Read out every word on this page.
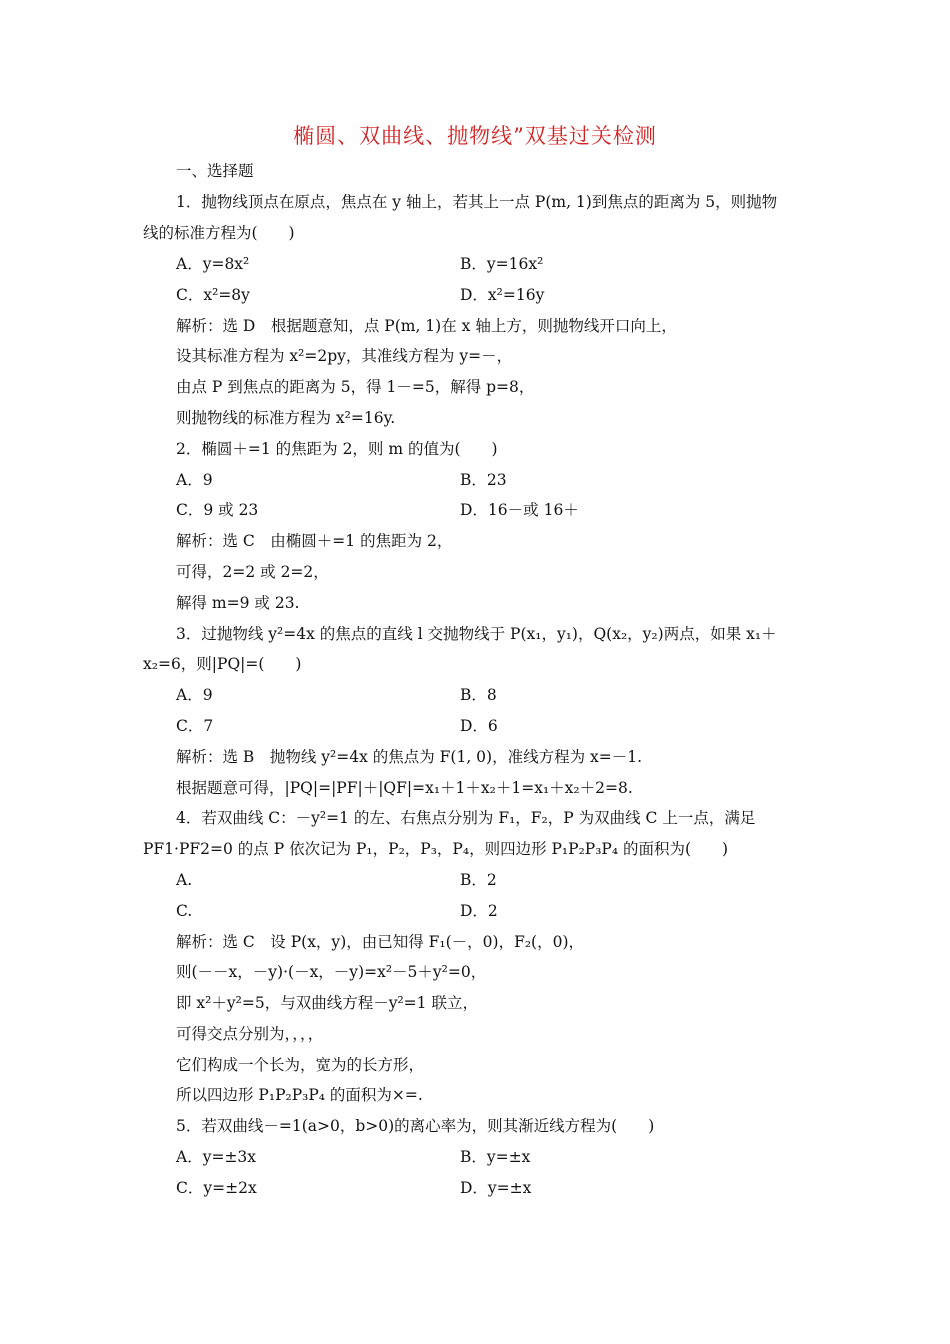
椭圆、双曲线、抛物线”双基过关检测
一、选择题
1．抛物线顶点在原点，焦点在 y 轴上，若其上一点 P(m, 1)到焦点的距离为 5，则抛物
线的标准方程为(　　)
A．y=8x²	B．y=16x²
C．x²=8y	D．x²=16y
解析：选 D　根据题意知，点 P(m, 1)在 x 轴上方，则抛物线开口向上，
设其标准方程为 x²=2py，其准线方程为 y=－，
由点 P 到焦点的距离为 5，得 1－=5，解得 p=8，
则抛物线的标准方程为 x²=16y.
2．椭圆＋=1 的焦距为 2，则 m 的值为(　　)
A．9	B．23
C．9 或 23	D．16－或 16＋
解析：选 C　由椭圆＋=1 的焦距为 2，
可得，2=2 或 2=2，
解得 m=9 或 23.
3．过抛物线 y²=4x 的焦点的直线 l 交抛物线于 P(x₁，y₁)，Q(x₂，y₂)两点，如果 x₁＋
x₂=6，则|PQ|=(　　)
A．9	B．8
C．7	D．6
解析：选 B　抛物线 y²=4x 的焦点为 F(1, 0)，准线方程为 x=－1.
根据题意可得，|PQ|=|PF|＋|QF|=x₁＋1＋x₂＋1=x₁＋x₂＋2=8.
4．若双曲线 C：－y²=1 的左、右焦点分别为 F₁，F₂，P 为双曲线 C 上一点，满足
PF1·PF2=0 的点 P 依次记为 P₁，P₂，P₃，P₄，则四边形 P₁P₂P₃P₄ 的面积为(　　)
A.	B．2
C.	D．2
解析：选 C　设 P(x，y)，由已知得 F₁(－，0)，F₂(，0)，
则(－－x，－y)·(－x，－y)=x²－5＋y²=0，
即 x²＋y²=5，与双曲线方程－y²=1 联立，
可得交点分别为，，，，
它们构成一个长为，宽为的长方形，
所以四边形 P₁P₂P₃P₄ 的面积为×=.
5．若双曲线－=1(a>0，b>0)的离心率为，则其渐近线方程为(　　)
A．y=±3x	B．y=±x
C．y=±2x	D．y=±x
